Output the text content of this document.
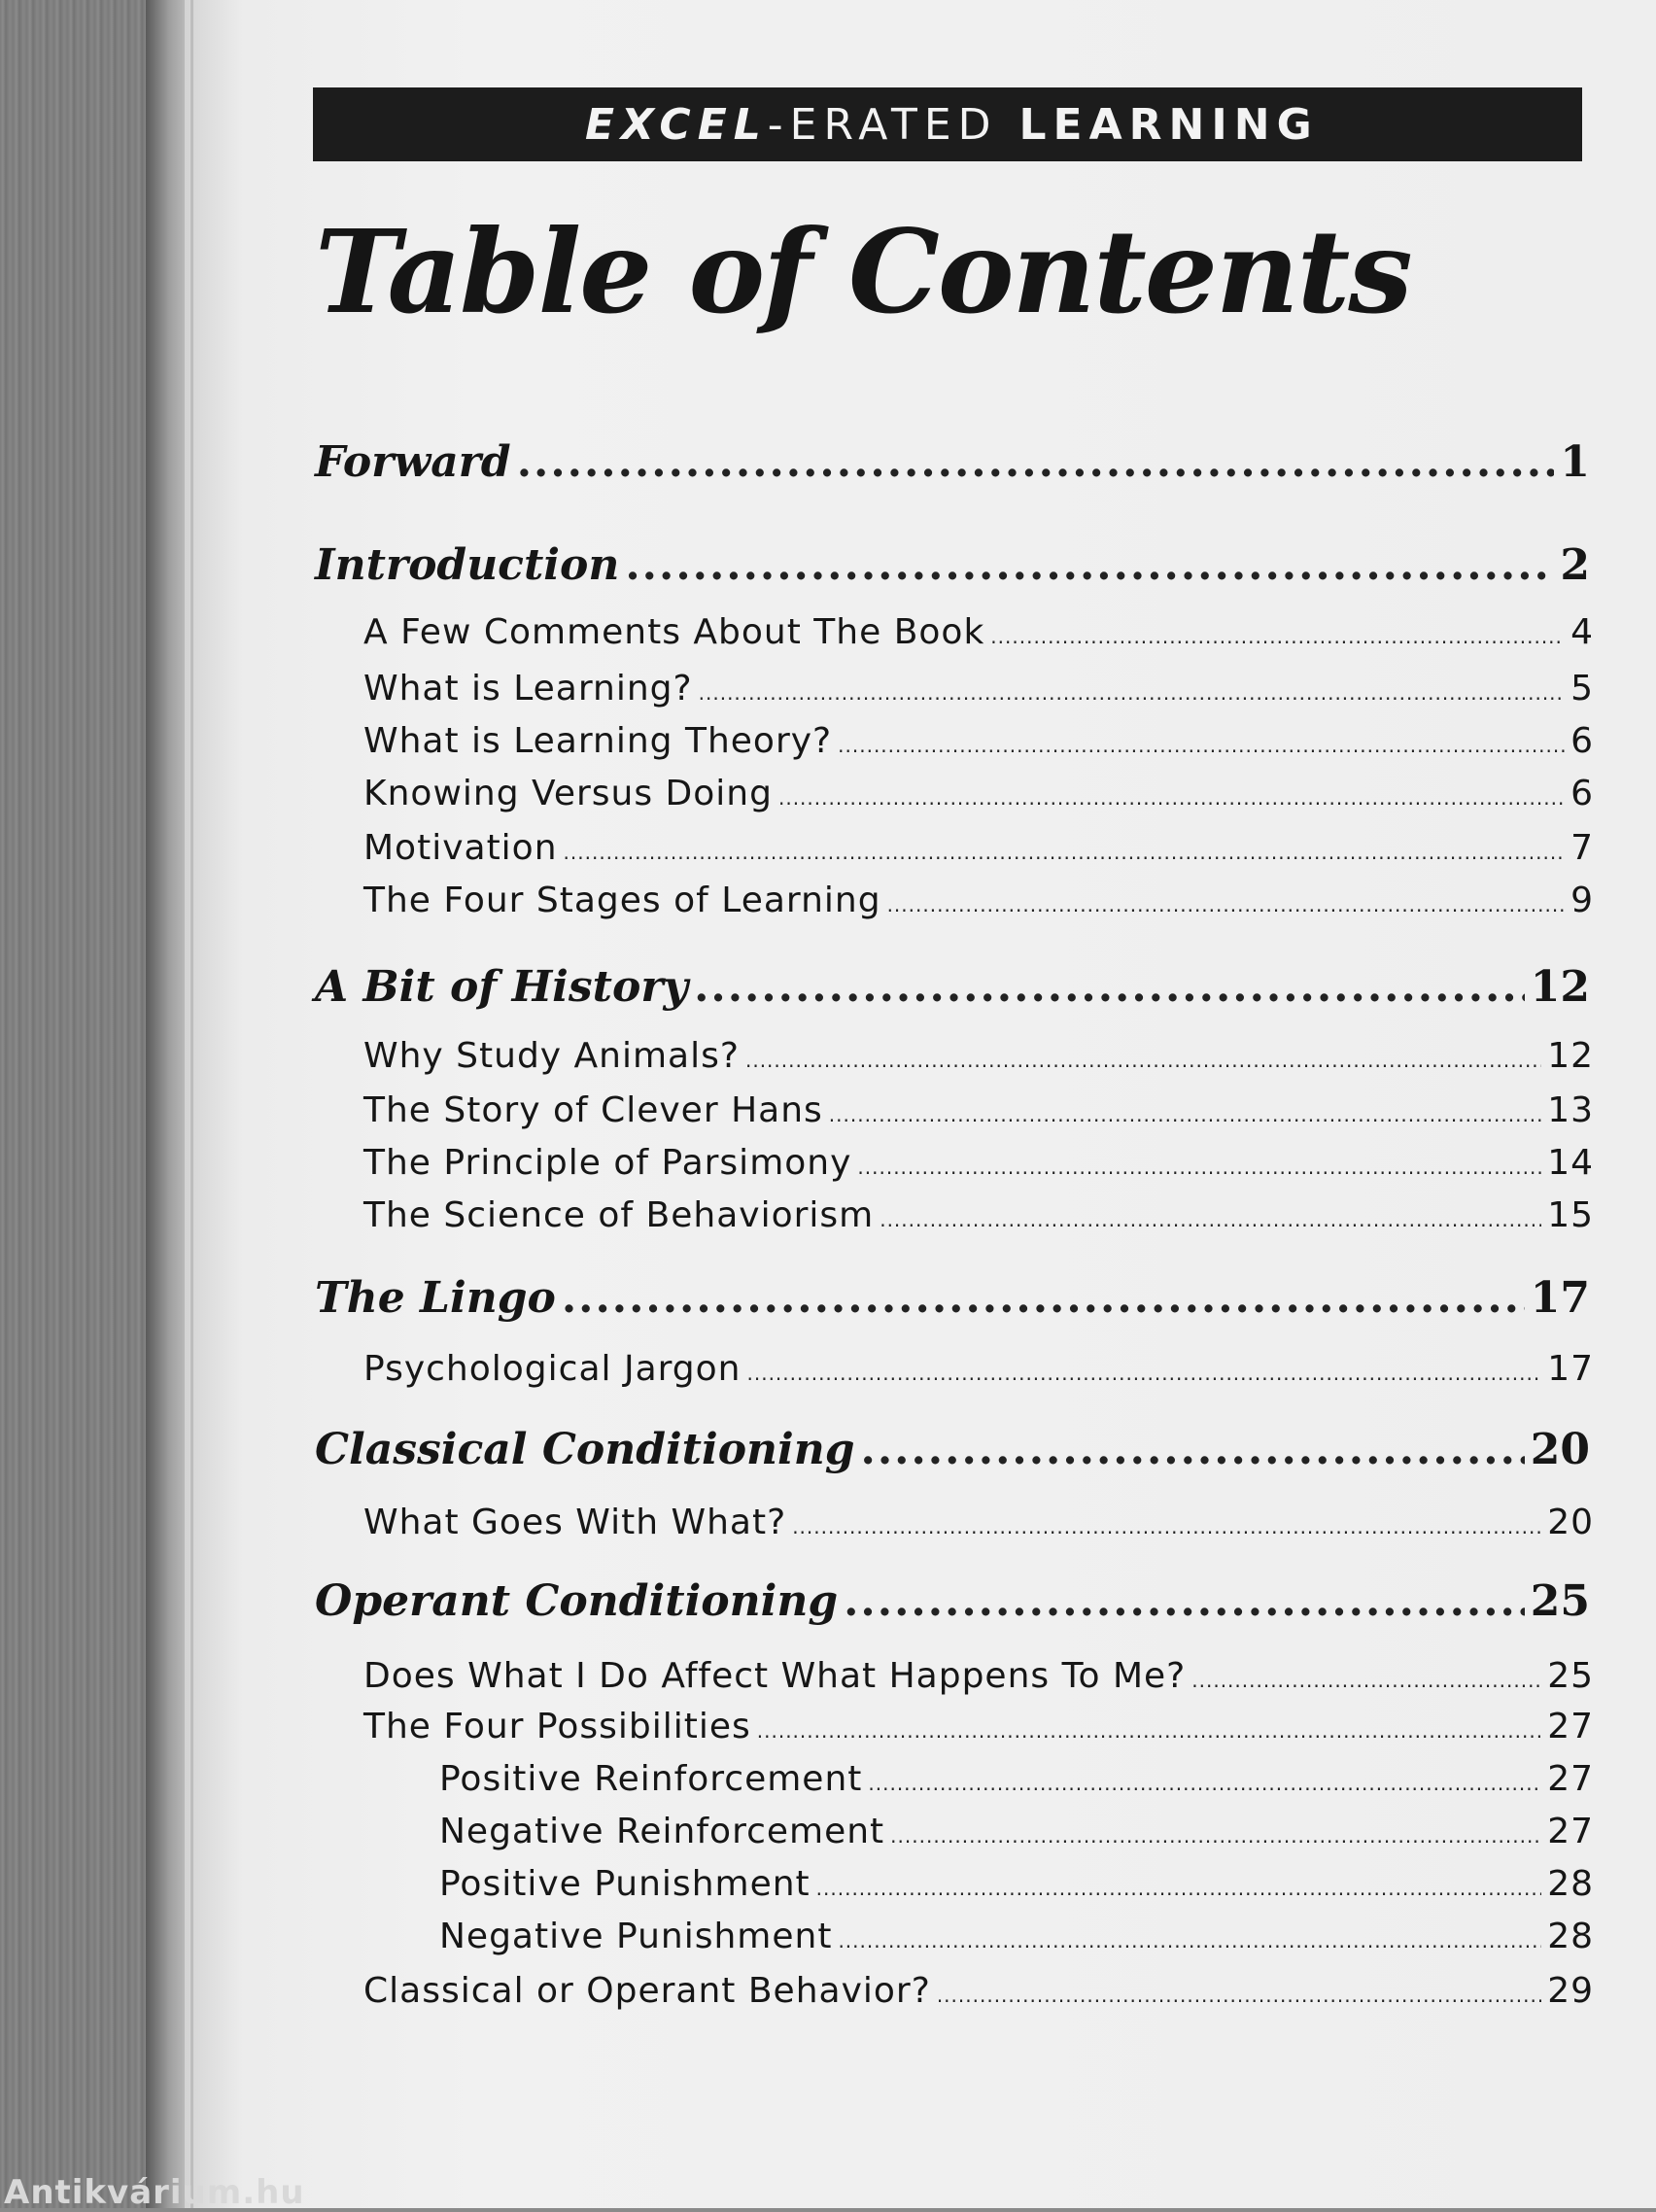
EXCEL -ERATED LEARNING
Table of Contents
Forward .....	1
Introduction .....	2
A Few Comments About The Book .....	4
What is Learning? .....	5
What is Learning Theory? .....	6
Knowing Versus Doing .....	6
Motivation .....	7
The Four Stages of Learning .....	9
A Bit of History .....	12
Why Study Animals? .....	12
The Story of Clever Hans .....	13
The Principle of Parsimony .....	14
The Science of Behaviorism .....	15
The Lingo .....	17
Psychological Jargon .....	17
Classical Conditioning .....	20
What Goes With What? .....	20
Operant Conditioning .....	25
Does What I Do Affect What Happens To Me? .....	25
The Four Possibilities .....	27
Positive Reinforcement .....	27
Negative Reinforcement .....	27
Positive Punishment .....	28
Negative Punishment .....	28
Classical or Operant Behavior? .....	29
Antikvárium.hu
